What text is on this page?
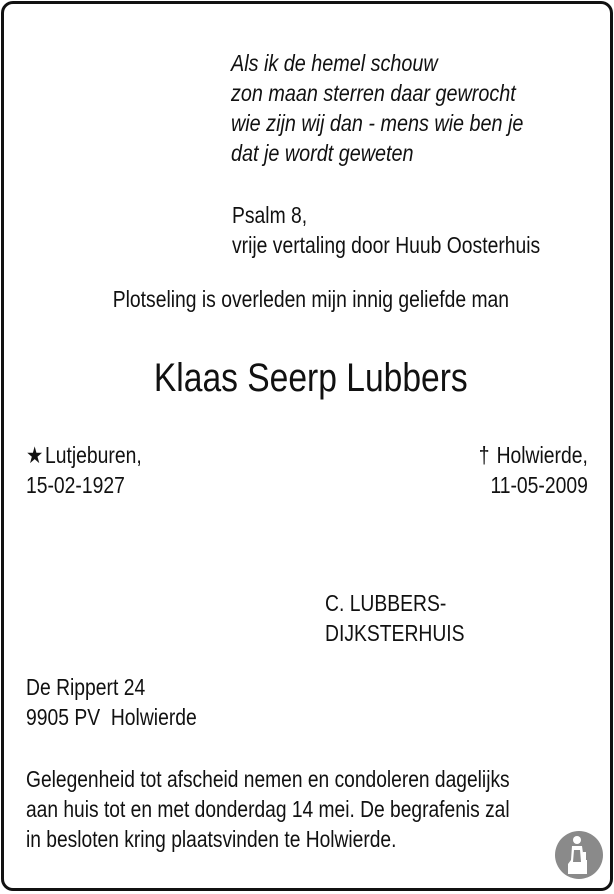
Als ik de hemel schouw
zon maan sterren daar gewrocht
wie zijn wij dan - mens wie ben je
dat je wordt geweten
Psalm 8,
vrije vertaling door Huub Oosterhuis
Plotseling is overleden mijn innig geliefde man
Klaas Seerp Lubbers
★Lutjeburen,
15-02-1927
† Holwierde,
11-05-2009
C. LUBBERS-
DIJKSTERHUIS
De Rippert 24
9905 PV  Holwierde
Gelegenheid tot afscheid nemen en condoleren dagelijks
aan huis tot en met donderdag 14 mei. De begrafenis zal
in besloten kring plaatsvinden te Holwierde.
